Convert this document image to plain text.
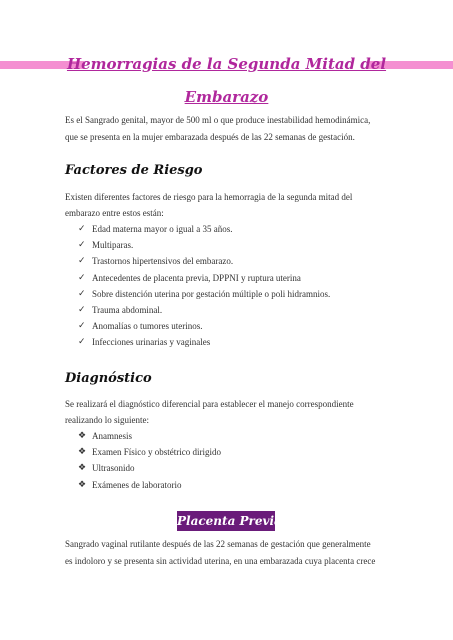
Hemorragias de la Segunda Mitad del
Embarazo
Es el Sangrado genital, mayor de 500 ml o que produce inestabilidad hemodinámica,
que se presenta en la mujer embarazada después de las 22 semanas de gestación.
Factores de Riesgo
Existen diferentes factores de riesgo para la hemorragia de la segunda mitad del
embarazo entre estos están:
✓ Edad materna mayor o igual a 35 años.
✓ Multiparas.
✓ Trastornos hipertensivos del embarazo.
✓ Antecedentes de placenta previa, DPPNI y ruptura uterina
✓ Sobre distención uterina por gestación múltiple o poli hidramnios.
✓ Trauma abdominal.
✓ Anomalías o tumores uterinos.
✓ Infecciones urinarias y vaginales
Diagnóstico
Se realizará el diagnóstico diferencial para establecer el manejo correspondiente
realizando lo siguiente:
❖ Anamnesis
❖ Examen Físico y obstétrico dirigido
❖ Ultrasonido
❖ Exámenes de laboratorio
Placenta Previa
Sangrado vaginal rutilante después de las 22 semanas de gestación que generalmente
es indoloro y se presenta sin actividad uterina, en una embarazada cuya placenta crece
